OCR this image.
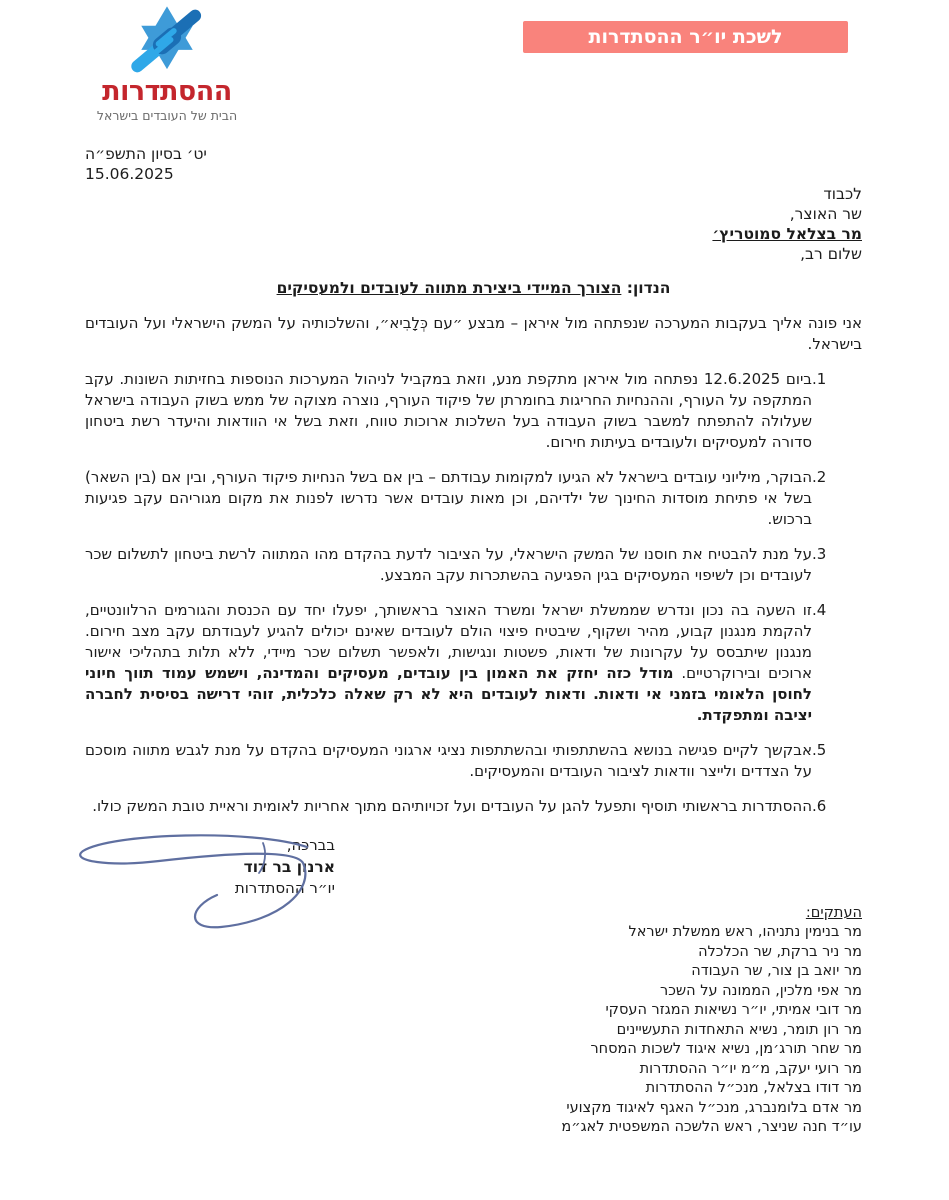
ההסתדרות
הבית של העובדים בישראל
לשכת יו״ר ההסתדרות
יט׳ בסיון התשפ״ה
15.06.2025
לכבוד
שר האוצר,
מר בצלאל סמוטריץ׳
שלום רב,
הנדון: הצורך המיידי ביצירת מתווה לעובדים ולמעסיקים

אני פונה אליך בעקבות המערכה שנפתחה מול איראן – מבצע ״עם כְּלָבִיא״, והשלכותיה על המשק הישראלי ועל העובדים בישראל.

1.

ביום 12.6.2025 נפתחה מול איראן מתקפת מנע, וזאת במקביל לניהול המערכות הנוספות בחזיתות השונות. עקב המתקפה על העורף, וההנחיות החריגות בחומרתן של פיקוד העורף, נוצרה מצוקה של ממש בשוק העבודה בישראל שעלולה להתפתח למשבר בשוק העבודה בעל השלכות ארוכות טווח, וזאת בשל אי הוודאות והיעדר רשת ביטחון סדורה למעסיקים ולעובדים בעיתות חירום.

2.

הבוקר, מיליוני עובדים בישראל לא הגיעו למקומות עבודתם – בין אם בשל הנחיות פיקוד העורף, ובין אם (בין השאר) בשל אי פתיחת מוסדות החינוך של ילדיהם, וכן מאות עובדים אשר נדרשו לפנות את מקום מגוריהם עקב פגיעות ברכוש.

3.

על מנת להבטיח את חוסנו של המשק הישראלי, על הציבור לדעת בהקדם מהו המתווה לרשת ביטחון לתשלום שכר לעובדים וכן לשיפוי המעסיקים בגין הפגיעה בהשתכרות עקב המבצע.

4.

זו השעה בה נכון ונדרש שממשלת ישראל ומשרד האוצר בראשותך, יפעלו יחד עם הכנסת והגורמים הרלוונטיים, להקמת מנגנון קבוע, מהיר ושקוף, שיבטיח פיצוי הולם לעובדים שאינם יכולים להגיע לעבודתם עקב מצב חירום. מנגנון שיתבסס על עקרונות של ודאות, פשטות ונגישות, ולאפשר תשלום שכר מיידי, ללא תלות בתהליכי אישור ארוכים ובירוקרטיים. מודל כזה יחזק את האמון בין עובדים, מעסיקים והמדינה, וישמש עמוד תווך חיוני לחוסן הלאומי בזמני אי ודאות. ודאות לעובדים היא לא רק שאלה כלכלית, זוהי דרישה בסיסית לחברה יציבה ומתפקדת.

5.

אבקשך לקיים פגישה בנושא בהשתתפותי ובהשתתפות נציגי ארגוני המעסיקים בהקדם על מנת לגבש מתווה מוסכם על הצדדים ולייצר וודאות לציבור העובדים והמעסיקים.

6.

ההסתדרות בראשותי תוסיף ותפעל להגן על העובדים ועל זכויותיהם מתוך אחריות לאומית וראיית טובת המשק כולו.

בברכה,
ארנון בר דוד
יו״ר ההסתדרות
העתקים:
מר בנימין נתניהו, ראש ממשלת ישראל
מר ניר ברקת, שר הכלכלה
מר יואב בן צור, שר העבודה
מר אפי מלכין, הממונה על השכר
מר דובי אמיתי, יו״ר נשיאות המגזר העסקי
מר רון תומר, נשיא התאחדות התעשיינים
מר שחר תורג׳מן, נשיא איגוד לשכות המסחר
מר רועי יעקב, מ״מ יו״ר ההסתדרות
מר דודו בצלאל, מנכ״ל ההסתדרות
מר אדם בלומנברג, מנכ״ל האגף לאיגוד מקצועי
עו״ד חנה שניצר, ראש הלשכה המשפטית לאג״מ
